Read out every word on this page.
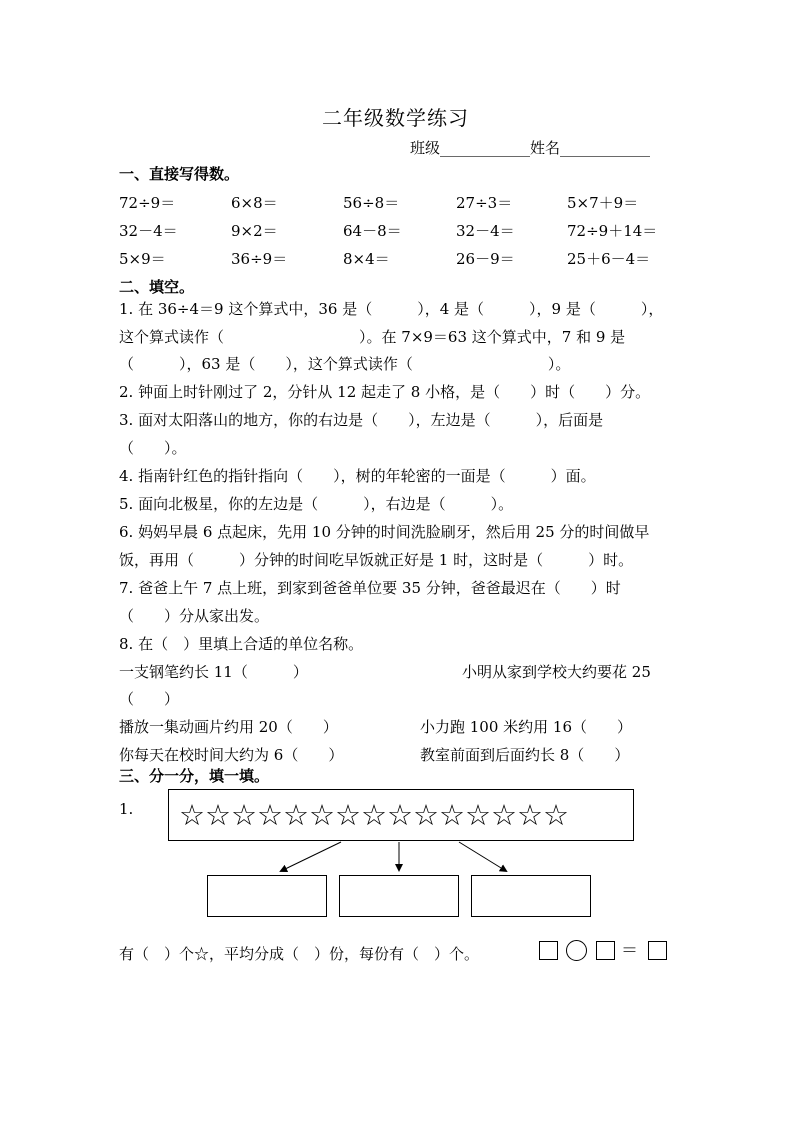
二年级数学练习
班级____________姓名____________
一、直接写得数。
72÷9＝	6×8＝	56÷8＝	27÷3＝	5×7＋9＝
32－4＝	9×2＝	64－8＝	32－4＝	72÷9＋14＝
5×9＝	36÷9＝	8×4＝	26－9＝	25＋6－4＝
二、填空。
1. 在 36÷4＝9 这个算式中，36 是（　　　），4 是（　　　），9 是（　　　），
这个算式读作（　　　　　　　　　）。在 7×9＝63 这个算式中，7 和 9 是
（　　　），63 是（　　），这个算式读作（　　　　　　　　　）。
2. 钟面上时针刚过了 2，分针从 12 起走了 8 小格，是（　　）时（　　）分。
3. 面对太阳落山的地方，你的右边是（　　），左边是（　　　），后面是
（　　）。
4. 指南针红色的指针指向（　　），树的年轮密的一面是（　　　）面。
5. 面向北极星，你的左边是（　　　），右边是（　　　）。
6. 妈妈早晨 6 点起床，先用 10 分钟的时间洗脸刷牙，然后用 25 分的时间做早
饭，再用（　　　）分钟的时间吃早饭就正好是 1 时，这时是（　　　）时。
7. 爸爸上午 7 点上班，到家到爸爸单位要 35 分钟，爸爸最迟在（　　）时
（　　）分从家出发。
8. 在（　）里填上合适的单位名称。
一支钢笔约长 11（　　　）	小明从家到学校大约要花 25
（　　）
播放一集动画片约用 20（　　）	小力跑 100 米约用 16（　　）
你每天在校时间大约为 6（　　）	教室前面到后面约长 8（　　）
三、分一分，填一填。
1.	☆☆☆☆☆☆☆☆☆☆☆☆☆☆☆
有（　）个☆，平均分成（　）份，每份有（　）个。	＝
